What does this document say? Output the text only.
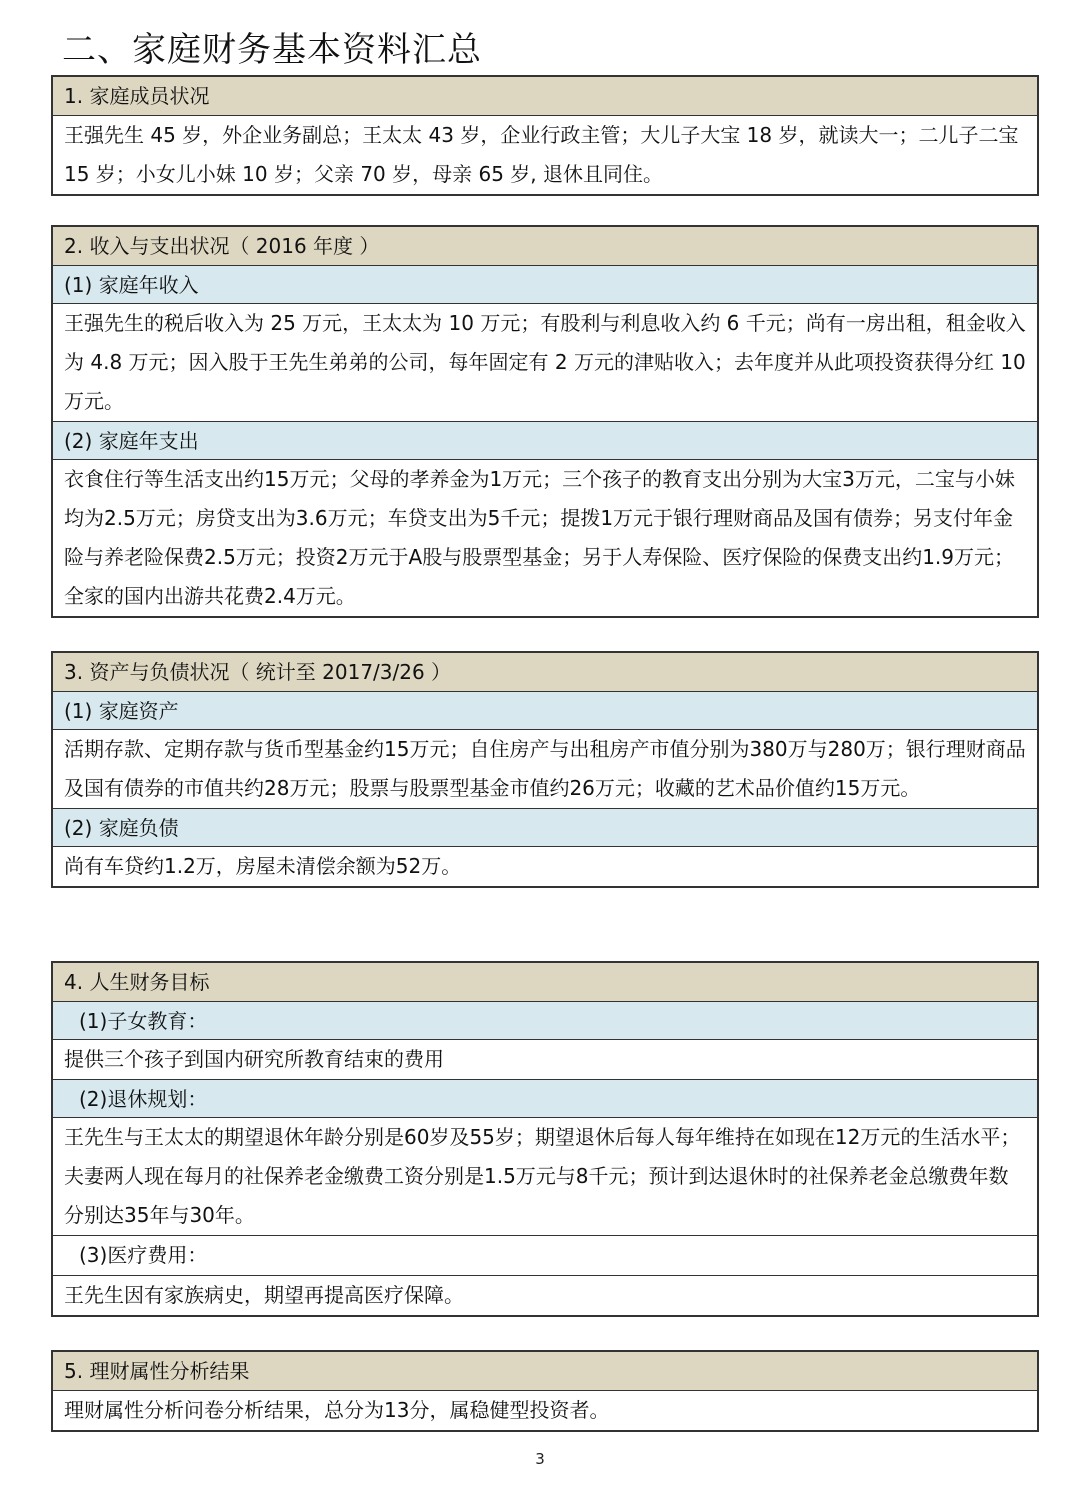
二、家庭财务基本资料汇总
1. 家庭成员状况
王强先生 45 岁，外企业务副总；王太太 43 岁，企业行政主管；大儿子大宝 18 岁，就读大一；二儿子二宝 15 岁；小女儿小妹 10 岁；父亲 70 岁，母亲 65 岁, 退休且同住。
2. 收入与支出状况（ 2016 年度 ）
(1) 家庭年收入
王强先生的税后收入为 25 万元，王太太为 10 万元；有股利与利息收入约 6 千元；尚有一房出租，租金收入为 4.8 万元；因入股于王先生弟弟的公司，每年固定有 2 万元的津贴收入；去年度并从此项投资获得分红 10 万元。
(2) 家庭年支出
衣食住行等生活支出约15万元；父母的孝养金为1万元；三个孩子的教育支出分别为大宝3万元，二宝与小妹均为2.5万元；房贷支出为3.6万元；车贷支出为5千元；提拨1万元于银行理财商品及国有债券；另支付年金险与养老险保费2.5万元；投资2万元于A股与股票型基金；另于人寿保险、医疗保险的保费支出约1.9万元；全家的国内出游共花费2.4万元。
3. 资产与负债状况（ 统计至 2017/3/26 ）
(1) 家庭资产
活期存款、定期存款与货币型基金约15万元；自住房产与出租房产市值分别为380万与280万；银行理财商品及国有债券的市值共约28万元；股票与股票型基金市值约26万元；收藏的艺术品价值约15万元。
(2) 家庭负债
尚有车贷约1.2万，房屋未清偿余额为52万。
4. 人生财务目标
(1)子女教育：
提供三个孩子到国内研究所教育结束的费用
(2)退休规划：
王先生与王太太的期望退休年龄分别是60岁及55岁；期望退休后每人每年维持在如现在12万元的生活水平；夫妻两人现在每月的社保养老金缴费工资分别是1.5万元与8千元；预计到达退休时的社保养老金总缴费年数分别达35年与30年。
(3)医疗费用：
王先生因有家族病史，期望再提高医疗保障。
5. 理财属性分析结果
理财属性分析问卷分析结果，总分为13分，属稳健型投资者。
3
